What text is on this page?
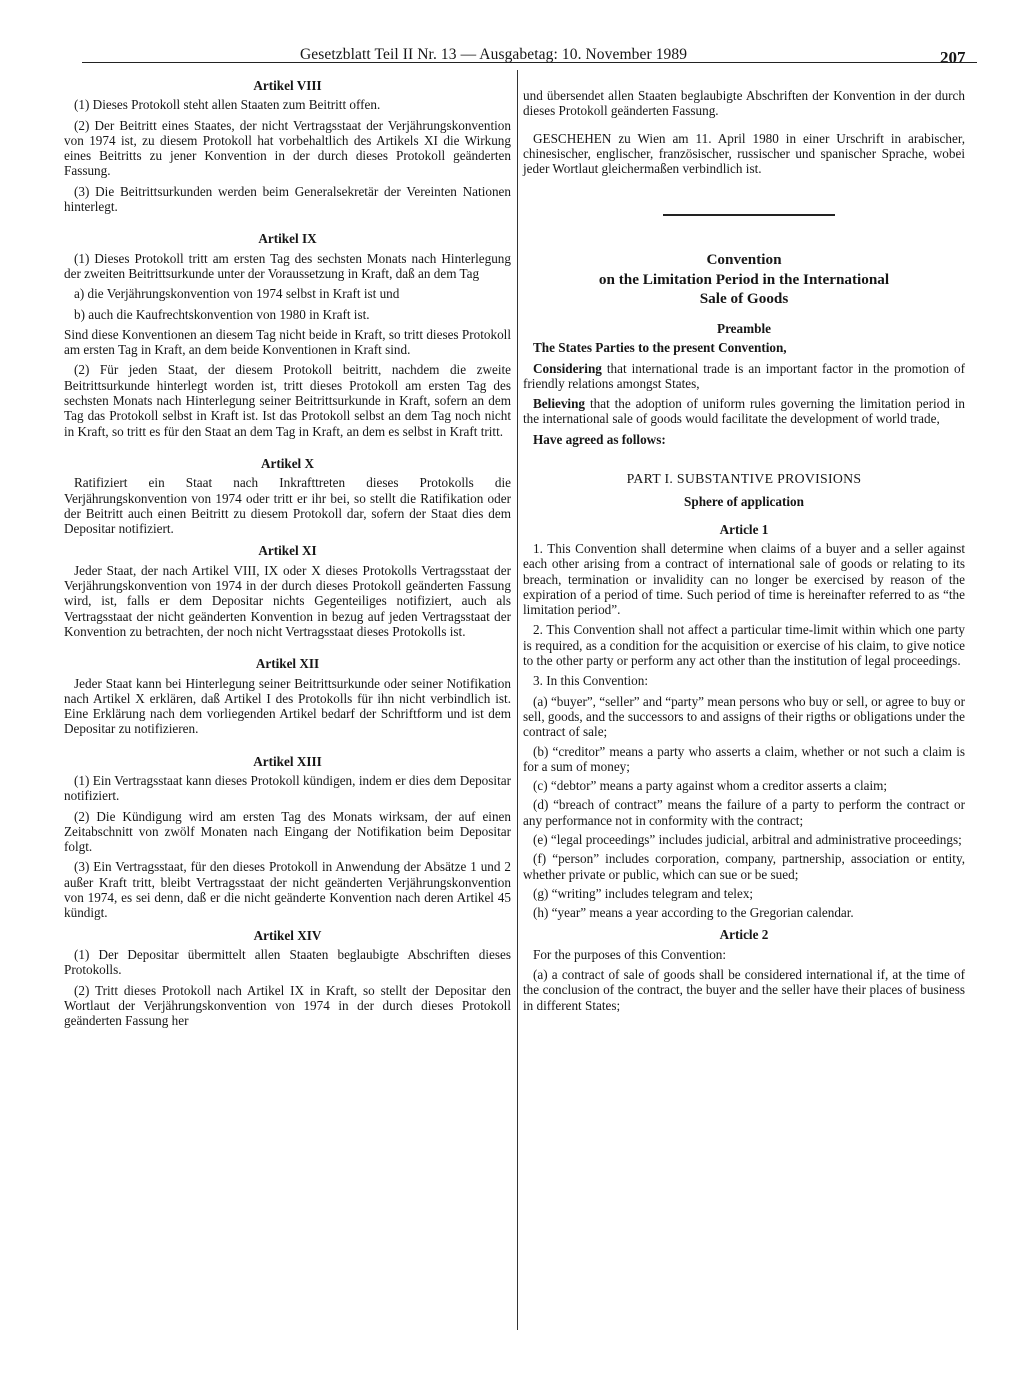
Gesetzblatt Teil II Nr. 13 — Ausgabetag: 10. November 1989	207
Artikel VIII

(1) Dieses Protokoll steht allen Staaten zum Beitritt offen.

(2) Der Beitritt eines Staates, der nicht Vertragsstaat der Verjährungskonvention von 1974 ist, zu diesem Protokoll hat vorbehaltlich des Artikels XI die Wirkung eines Beitritts zu jener Konvention in der durch dieses Protokoll geänderten Fassung.

(3) Die Beitrittsurkunden werden beim Generalsekretär der Vereinten Nationen hinterlegt.

Artikel IX

(1) Dieses Protokoll tritt am ersten Tag des sechsten Monats nach Hinterlegung der zweiten Beitrittsurkunde unter der Voraussetzung in Kraft, daß an dem Tag

a) die Verjährungskonvention von 1974 selbst in Kraft ist und

b) auch die Kaufrechtskonvention von 1980 in Kraft ist.

Sind diese Konventionen an diesem Tag nicht beide in Kraft, so tritt dieses Protokoll am ersten Tag in Kraft, an dem beide Konventionen in Kraft sind.

(2) Für jeden Staat, der diesem Protokoll beitritt, nachdem die zweite Beitrittsurkunde hinterlegt worden ist, tritt dieses Protokoll am ersten Tag des sechsten Monats nach Hinterlegung seiner Beitrittsurkunde in Kraft, sofern an dem Tag das Protokoll selbst in Kraft ist. Ist das Protokoll selbst an dem Tag noch nicht in Kraft, so tritt es für den Staat an dem Tag in Kraft, an dem es selbst in Kraft tritt.

Artikel X

Ratifiziert ein Staat nach Inkrafttreten dieses Protokolls die Verjährungskonvention von 1974 oder tritt er ihr bei, so stellt die Ratifikation oder der Beitritt auch einen Beitritt zu diesem Protokoll dar, sofern der Staat dies dem Depositar notifiziert.

Artikel XI

Jeder Staat, der nach Artikel VIII, IX oder X dieses Protokolls Vertragsstaat der Verjährungskonvention von 1974 in der durch dieses Protokoll geänderten Fassung wird, ist, falls er dem Depositar nichts Gegenteiliges notifiziert, auch als Vertragsstaat der nicht geänderten Konvention in bezug auf jeden Vertragsstaat der Konvention zu betrachten, der noch nicht Vertragsstaat dieses Protokolls ist.

Artikel XII

Jeder Staat kann bei Hinterlegung seiner Beitrittsurkunde oder seiner Notifikation nach Artikel X erklären, daß Artikel I des Protokolls für ihn nicht verbindlich ist. Eine Erklärung nach dem vorliegenden Artikel bedarf der Schriftform und ist dem Depositar zu notifizieren.

Artikel XIII

(1) Ein Vertragsstaat kann dieses Protokoll kündigen, indem er dies dem Depositar notifiziert.

(2) Die Kündigung wird am ersten Tag des Monats wirksam, der auf einen Zeitabschnitt von zwölf Monaten nach Eingang der Notifikation beim Depositar folgt.

(3) Ein Vertragsstaat, für den dieses Protokoll in Anwendung der Absätze 1 und 2 außer Kraft tritt, bleibt Vertragsstaat der nicht geänderten Verjährungskonvention von 1974, es sei denn, daß er die nicht geänderte Konvention nach deren Artikel 45 kündigt.

Artikel XIV

(1) Der Depositar übermittelt allen Staaten beglaubigte Abschriften dieses Protokolls.

(2) Tritt dieses Protokoll nach Artikel IX in Kraft, so stellt der Depositar den Wortlaut der Verjährungskonvention von 1974 in der durch dieses Protokoll geänderten Fassung her

und übersendet allen Staaten beglaubigte Abschriften der Konvention in der durch dieses Protokoll geänderten Fassung.

GESCHEHEN zu Wien am 11. April 1980 in einer Urschrift in arabischer, chinesischer, englischer, französischer, russischer und spanischer Sprache, wobei jeder Wortlaut gleichermaßen verbindlich ist.

Convention
on the Limitation Period in the International
Sale of Goods
Preamble

The States Parties to the present Convention,

Considering that international trade is an important factor in the promotion of friendly relations amongst States,

Believing that the adoption of uniform rules governing the limitation period in the international sale of goods would facilitate the development of world trade,

Have agreed as follows:

PART I. SUBSTANTIVE PROVISIONS
Sphere of application
Article 1

1. This Convention shall determine when claims of a buyer and a seller against each other arising from a contract of international sale of goods or relating to its breach, termination or invalidity can no longer be exercised by reason of the expiration of a period of time. Such period of time is hereinafter referred to as “the limitation period”.

2. This Convention shall not affect a particular time-limit within which one party is required, as a condition for the acquisition or exercise of his claim, to give notice to the other party or perform any act other than the institution of legal proceedings.

3. In this Convention:

(a) “buyer”, “seller” and “party” mean persons who buy or sell, or agree to buy or sell, goods, and the successors to and assigns of their rigths or obligations under the contract of sale;

(b) “creditor” means a party who asserts a claim, whether or not such a claim is for a sum of money;

(c) “debtor” means a party against whom a creditor asserts a claim;

(d) “breach of contract” means the failure of a party to perform the contract or any performance not in conformity with the contract;

(e) “legal proceedings” includes judicial, arbitral and administrative proceedings;

(f) “person” includes corporation, company, partnership, association or entity, whether private or public, which can sue or be sued;

(g) “writing” includes telegram and telex;

(h) “year” means a year according to the Gregorian calendar.

Article 2

For the purposes of this Convention:

(a) a contract of sale of goods shall be considered international if, at the time of the conclusion of the contract, the buyer and the seller have their places of business in different States;
